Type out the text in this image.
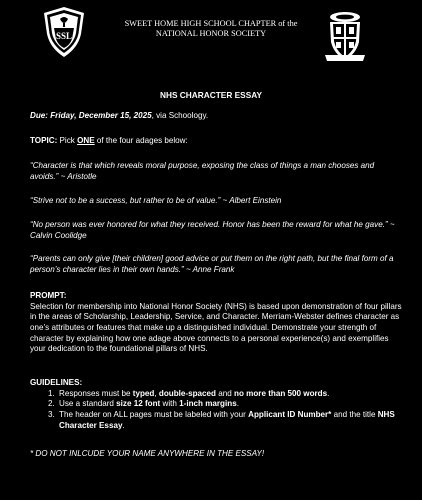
SSL
SWEET HOME HIGH SCHOOL CHAPTER of the
NATIONAL HONOR SOCIETY
NHS CHARACTER ESSAY
Due: Friday, December 15, 2025, via Schoology.
TOPIC: Pick ONE of the four adages below:
“Character is that which reveals moral purpose, exposing the class of things a man chooses and avoids.” ~ Aristotle
“Strive not to be a success, but rather to be of value.” ~ Albert Einstein
“No person was ever honored for what they received. Honor has been the reward for what he gave.” ~ Calvin Coolidge
“Parents can only give [their children] good advice or put them on the right path, but the final form of a person’s character lies in their own hands.” ~ Anne Frank
PROMPT:
Selection for membership into National Honor Society (NHS) is based upon demonstration of four pillars in the areas of Scholarship, Leadership, Service, and Character. Merriam-Webster defines character as one’s attributes or features that make up a distinguished individual. Demonstrate your strength of character by explaining how one adage above connects to a personal experience(s) and exemplifies your dedication to the foundational pillars of NHS.
GUIDELINES:
1. Responses must be typed, double-spaced and no more than 500 words.
2. Use a standard size 12 font with 1-inch margins.
3. The header on ALL pages must be labeled with your Applicant ID Number* and the title NHS Character Essay.
* DO NOT INLCUDE YOUR NAME ANYWHERE IN THE ESSAY!
